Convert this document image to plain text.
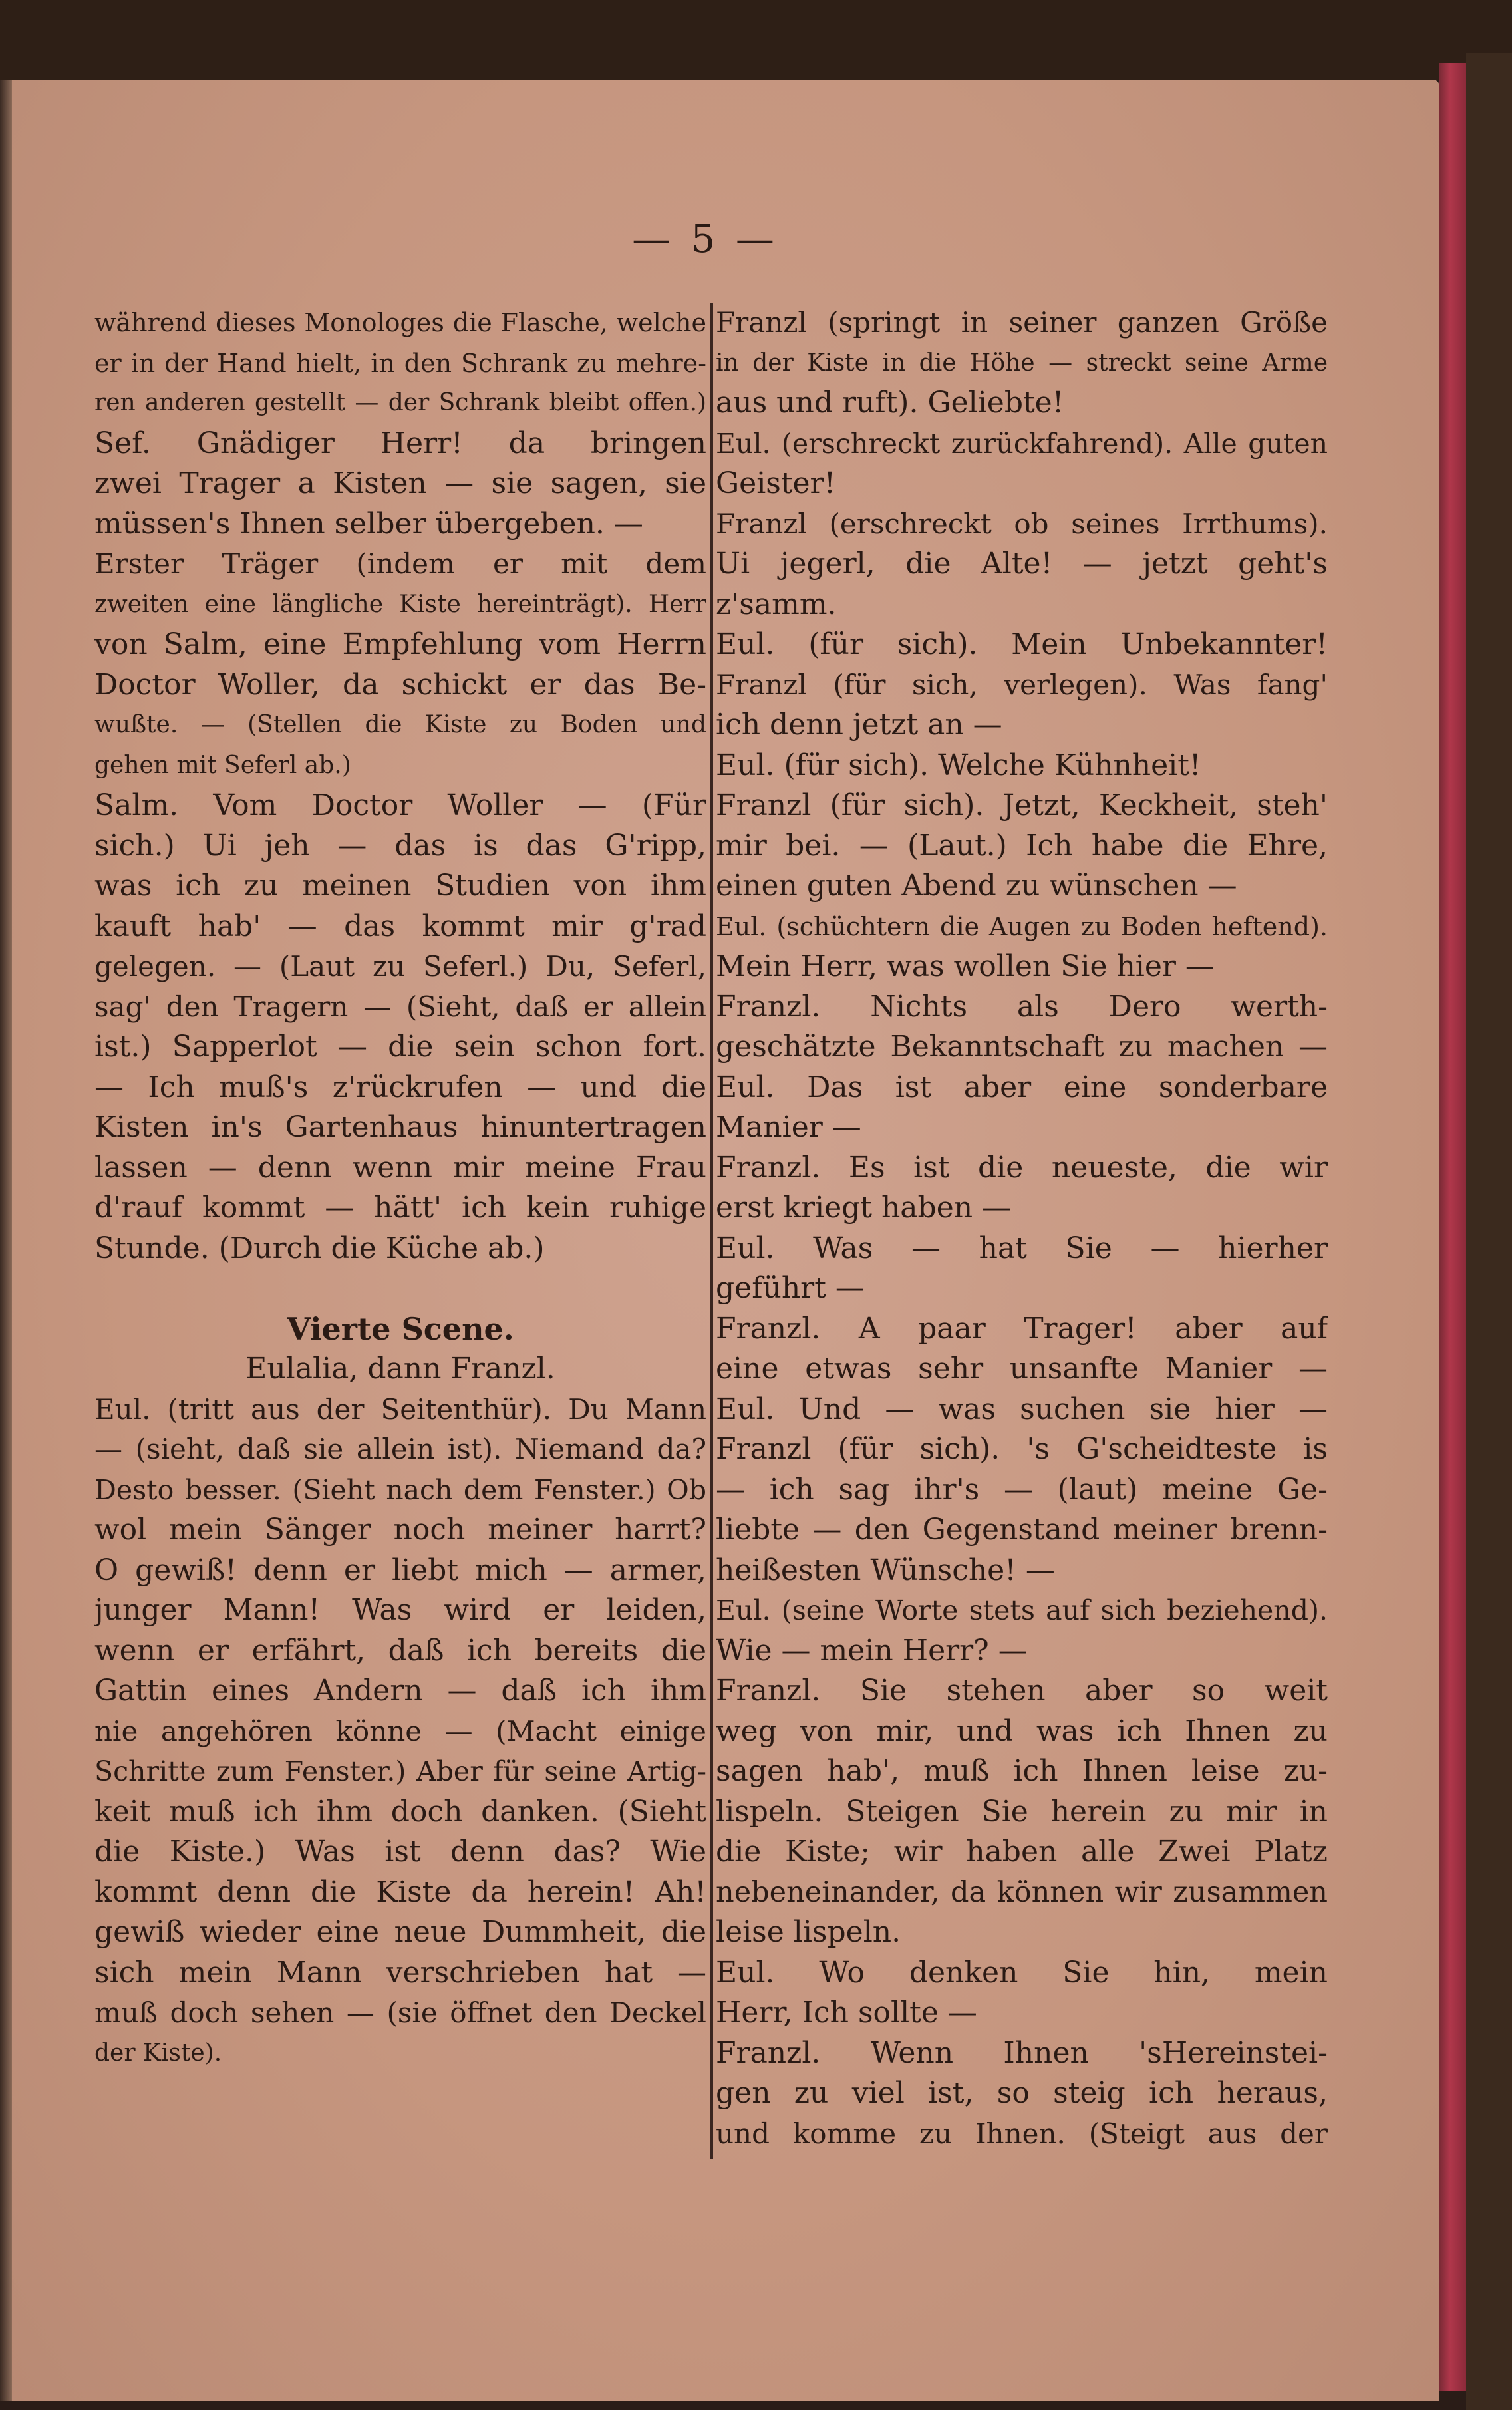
— 5 —
während dieses Monologes die Flasche, welche
er in der Hand hielt, in den Schrank zu mehre-
ren anderen gestellt — der Schrank bleibt offen.)
Sef. Gnädiger Herr! da bringen
zwei Trager a Kisten — sie sagen, sie
müssen's Ihnen selber übergeben. —
Erster Träger (indem er mit dem
zweiten eine längliche Kiste hereinträgt). Herr
von Salm, eine Empfehlung vom Herrn
Doctor Woller, da schickt er das Be-
wußte. — (Stellen die Kiste zu Boden und
gehen mit Seferl ab.)
Salm. Vom Doctor Woller — (Für
sich.) Ui jeh — das is das G'ripp,
was ich zu meinen Studien von ihm
kauft hab' — das kommt mir g'rad
gelegen. — (Laut zu Seferl.) Du, Seferl,
sag' den Tragern — (Sieht, daß er allein
ist.) Sapperlot — die sein schon fort.
— Ich muß's z'rückrufen — und die
Kisten in's Gartenhaus hinuntertragen
lassen — denn wenn mir meine Frau
d'rauf kommt — hätt' ich kein ruhige
Stunde. (Durch die Küche ab.)
Vierte Scene.
Eulalia, dann Franzl.
Eul. (tritt aus der Seitenthür). Du Mann
— (sieht, daß sie allein ist). Niemand da?
Desto besser. (Sieht nach dem Fenster.) Ob
wol mein Sänger noch meiner harrt?
O gewiß! denn er liebt mich — armer,
junger Mann! Was wird er leiden,
wenn er erfährt, daß ich bereits die
Gattin eines Andern — daß ich ihm
nie angehören könne — (Macht einige
Schritte zum Fenster.) Aber für seine Artig-
keit muß ich ihm doch danken. (Sieht
die Kiste.) Was ist denn das? Wie
kommt denn die Kiste da herein! Ah!
gewiß wieder eine neue Dummheit, die
sich mein Mann verschrieben hat —
muß doch sehen — (sie öffnet den Deckel
der Kiste).
Franzl (springt in seiner ganzen Größe
in der Kiste in die Höhe — streckt seine Arme
aus und ruft). Geliebte!
Eul. (erschreckt zurückfahrend). Alle guten
Geister!
Franzl (erschreckt ob seines Irrthums).
Ui jegerl, die Alte! — jetzt geht's
z'samm.
Eul. (für sich). Mein Unbekannter!
Franzl (für sich, verlegen). Was fang'
ich denn jetzt an —
Eul. (für sich). Welche Kühnheit!
Franzl (für sich). Jetzt, Keckheit, steh'
mir bei. — (Laut.) Ich habe die Ehre,
einen guten Abend zu wünschen —
Eul. (schüchtern die Augen zu Boden heftend).
Mein Herr, was wollen Sie hier —
Franzl. Nichts als Dero werth-
geschätzte Bekanntschaft zu machen —
Eul. Das ist aber eine sonderbare
Manier —
Franzl. Es ist die neueste, die wir
erst kriegt haben —
Eul. Was — hat Sie — hierher
geführt —
Franzl. A paar Trager! aber auf
eine etwas sehr unsanfte Manier —
Eul. Und — was suchen sie hier —
Franzl (für sich). 's G'scheidteste is
— ich sag ihr's — (laut) meine Ge-
liebte — den Gegenstand meiner brenn-
heißesten Wünsche! —
Eul. (seine Worte stets auf sich beziehend).
Wie — mein Herr? —
Franzl. Sie stehen aber so weit
weg von mir, und was ich Ihnen zu
sagen hab', muß ich Ihnen leise zu-
lispeln. Steigen Sie herein zu mir in
die Kiste; wir haben alle Zwei Platz
nebeneinander, da können wir zusammen
leise lispeln.
Eul. Wo denken Sie hin, mein
Herr, Ich sollte —
Franzl. Wenn Ihnen 'sHereinstei-
gen zu viel ist, so steig ich heraus,
und komme zu Ihnen. (Steigt aus der
